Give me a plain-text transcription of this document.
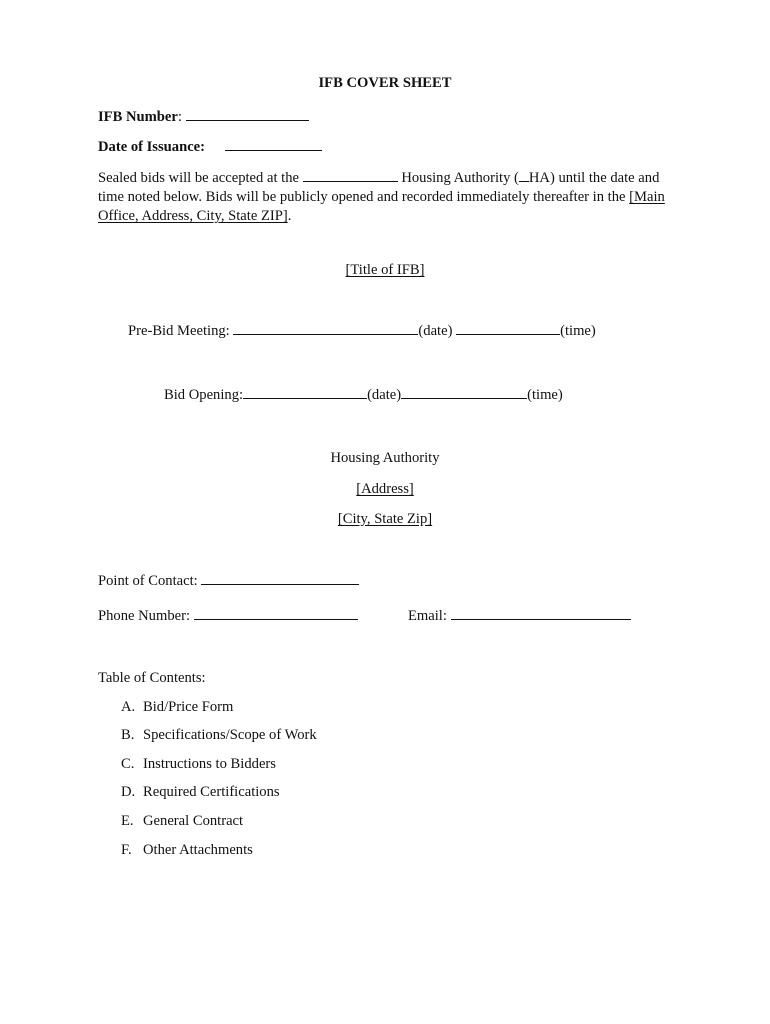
IFB COVER SHEET
IFB Number:
Date of Issuance:
Sealed bids will be accepted at the	Housing Authority ( HA) until the date and time noted below. Bids will be publicly opened and recorded immediately thereafter in the [Main Office, Address, City, State ZIP].
[Title of IFB]
Pre-Bid Meeting:	(date)	(time)
Bid Opening:	(date)	(time)
Housing Authority
[Address]
[City, State Zip]
Point of Contact:
Phone Number:	Email:
Table of Contents:
A. Bid/Price Form
B. Specifications/Scope of Work
C. Instructions to Bidders
D. Required Certifications
E. General Contract
F. Other Attachments
